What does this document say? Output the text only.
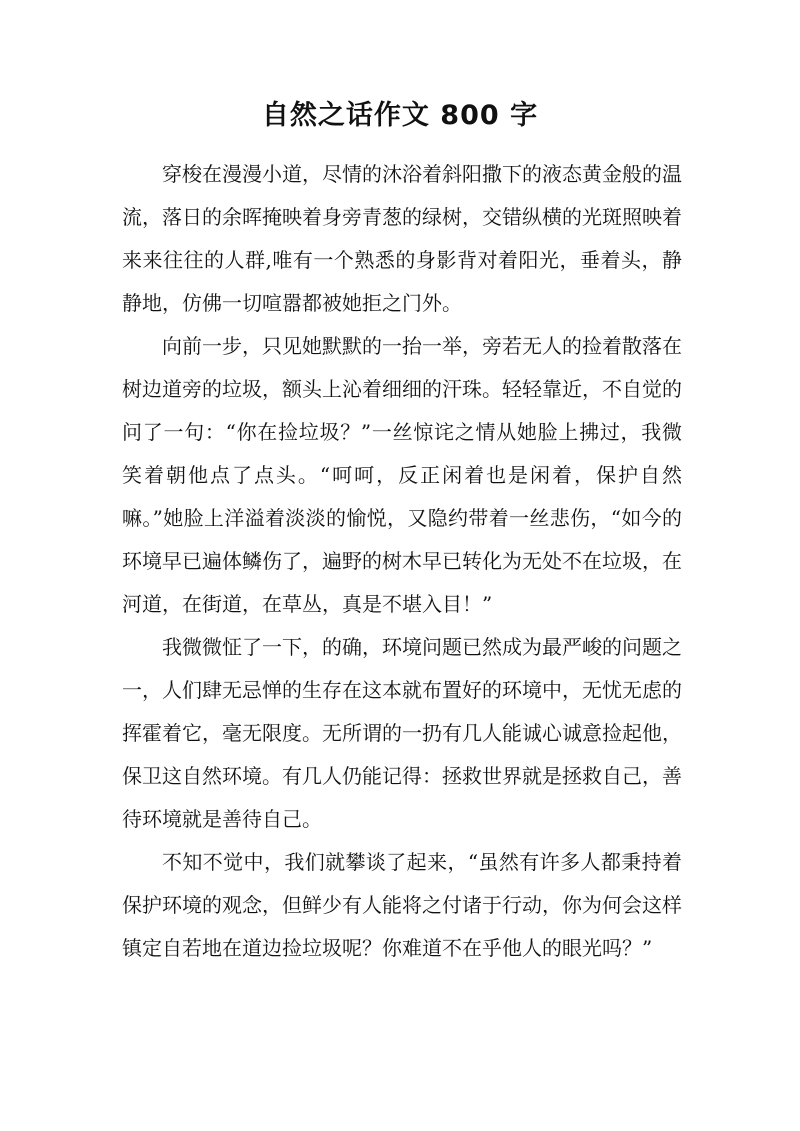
自然之话作文 800 字

穿梭在漫漫小道，尽情的沐浴着斜阳撒下的液态黄金般的温流，落日的余晖掩映着身旁青葱的绿树，交错纵横的光斑照映着来来往往的人群,唯有一个熟悉的身影背对着阳光，垂着头，静静地，仿佛一切喧嚣都被她拒之门外。

向前一步，只见她默默的一抬一举，旁若无人的捡着散落在树边道旁的垃圾，额头上沁着细细的汗珠。轻轻靠近，不自觉的问了一句：“你在捡垃圾？”一丝惊诧之情从她脸上拂过，我微笑着朝他点了点头。“呵呵，反正闲着也是闲着，保护自然嘛。”她脸上洋溢着淡淡的愉悦，又隐约带着一丝悲伤，“如今的环境早已遍体鳞伤了，遍野的树木早已转化为无处不在垃圾，在河道，在街道，在草丛，真是不堪入目！”

我微微怔了一下，的确，环境问题已然成为最严峻的问题之一，人们肆无忌惮的生存在这本就布置好的环境中，无忧无虑的挥霍着它，毫无限度。无所谓的一扔有几人能诚心诚意捡起他，保卫这自然环境。有几人仍能记得：拯救世界就是拯救自己，善待环境就是善待自己。

不知不觉中，我们就攀谈了起来，“虽然有许多人都秉持着保护环境的观念，但鲜少有人能将之付诸于行动，你为何会这样镇定自若地在道边捡垃圾呢？你难道不在乎他人的眼光吗？”
